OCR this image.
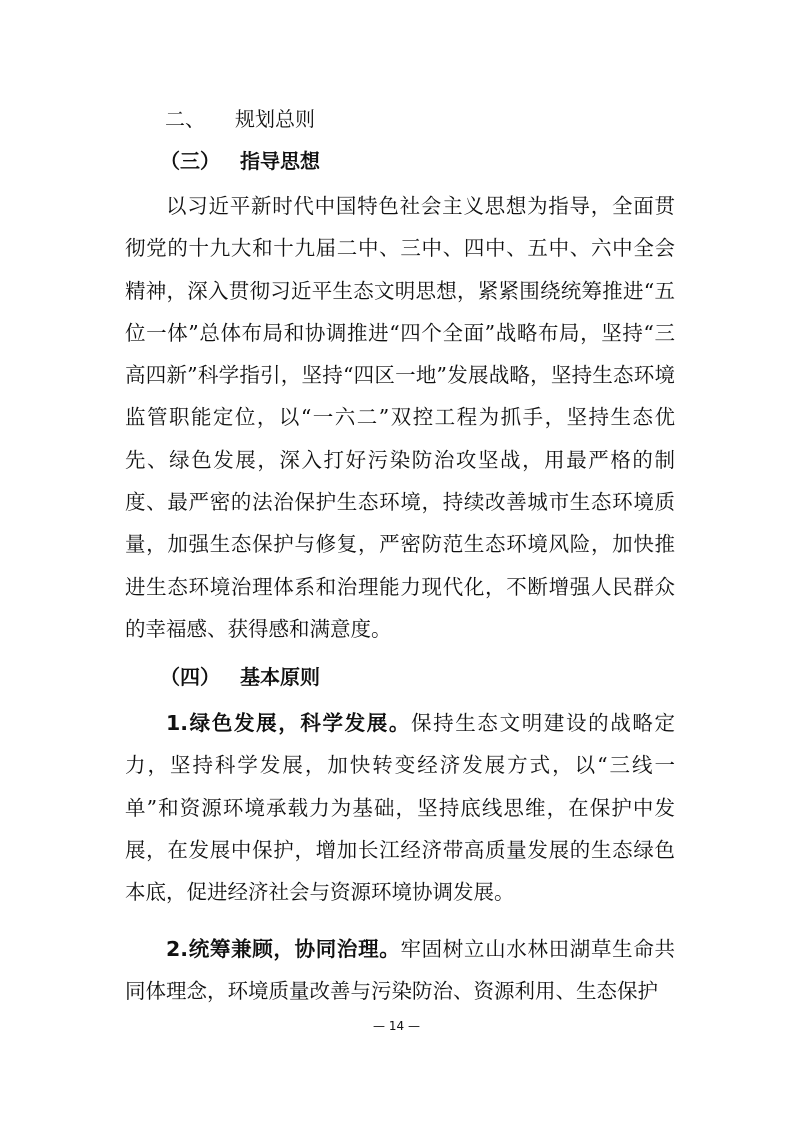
二、 规划总则
（三） 指导思想

以习近平新时代中国特色社会主义思想为指导，全面贯彻党的十九大和十九届二中、三中、四中、五中、六中全会精神，深入贯彻习近平生态文明思想，紧紧围绕统筹推进“五位一体”总体布局和协调推进“四个全面”战略布局，坚持“三高四新”科学指引，坚持“四区一地”发展战略，坚持生态环境监管职能定位，以“一六二”双控工程为抓手，坚持生态优先、绿色发展，深入打好污染防治攻坚战，用最严格的制度、最严密的法治保护生态环境，持续改善城市生态环境质量，加强生态保护与修复，严密防范生态环境风险，加快推进生态环境治理体系和治理能力现代化，不断增强人民群众的幸福感、获得感和满意度。

（四） 基本原则

1.绿色发展，科学发展。保持生态文明建设的战略定力，坚持科学发展，加快转变经济发展方式，以“三线一单”和资源环境承载力为基础，坚持底线思维，在保护中发展，在发展中保护，增加长江经济带高质量发展的生态绿色本底，促进经济社会与资源环境协调发展。

2.统筹兼顾，协同治理。牢固树立山水林田湖草生命共同体理念，环境质量改善与污染防治、资源利用、生态保护

— 14 —
